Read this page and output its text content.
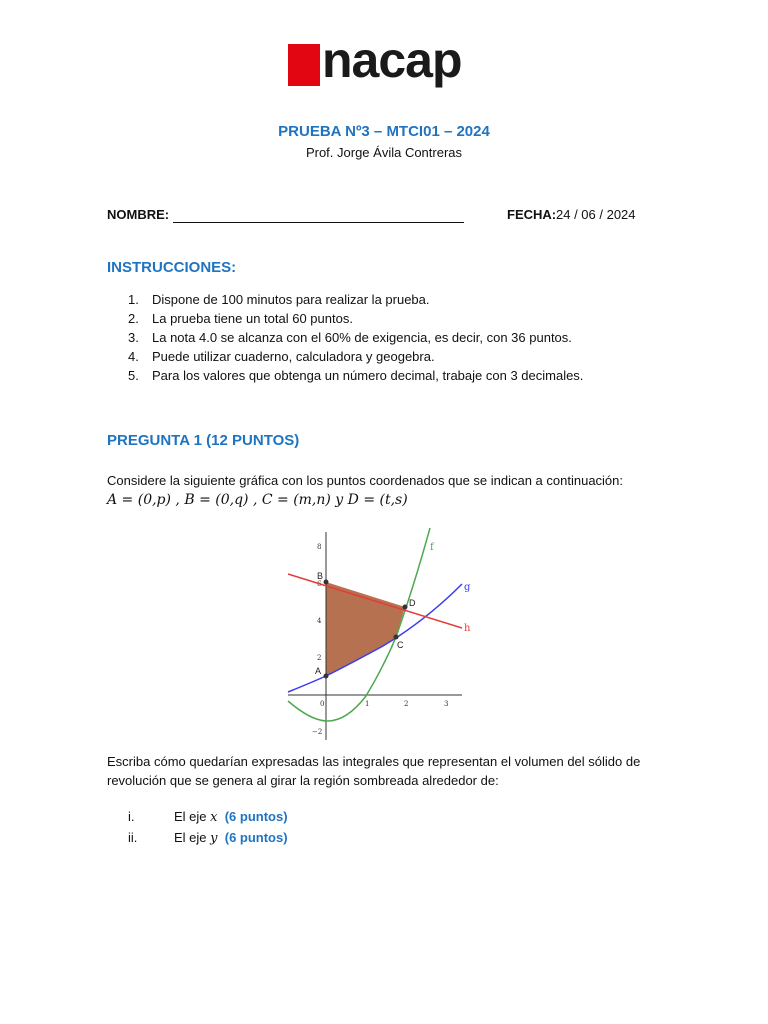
nacap
PRUEBA Nº3 – MTCI01 – 2024
Prof. Jorge Ávila Contreras
NOMBRE:	FECHA: 24 / 06 / 2024
INSTRUCCIONES:
1. Dispone de 100 minutos para realizar la prueba.
2. La prueba tiene un total 60 puntos.
3. La nota 4.0 se alcanza con el 60% de exigencia, es decir, con 36 puntos.
4. Puede utilizar cuaderno, calculadora y geogebra.
5. Para los valores que obtenga un número decimal, trabaje con 3 decimales.
PREGUNTA 1 (12 PUNTOS)
Considere la siguiente gráfica con los puntos coordenados que se indican a continuación:
A = (0,p) , B = (0,q) , C = (m,n) y D = (t,s)
0	1	2	3
8
4
2
−2
A
B
C
D
f
g
h
Escriba cómo quedarían expresadas las integrales que representan el volumen del sólido de revolución que se genera al girar la región sombreada alrededor de:
i.	El eje x (6 puntos)
ii.	El eje y (6 puntos)
